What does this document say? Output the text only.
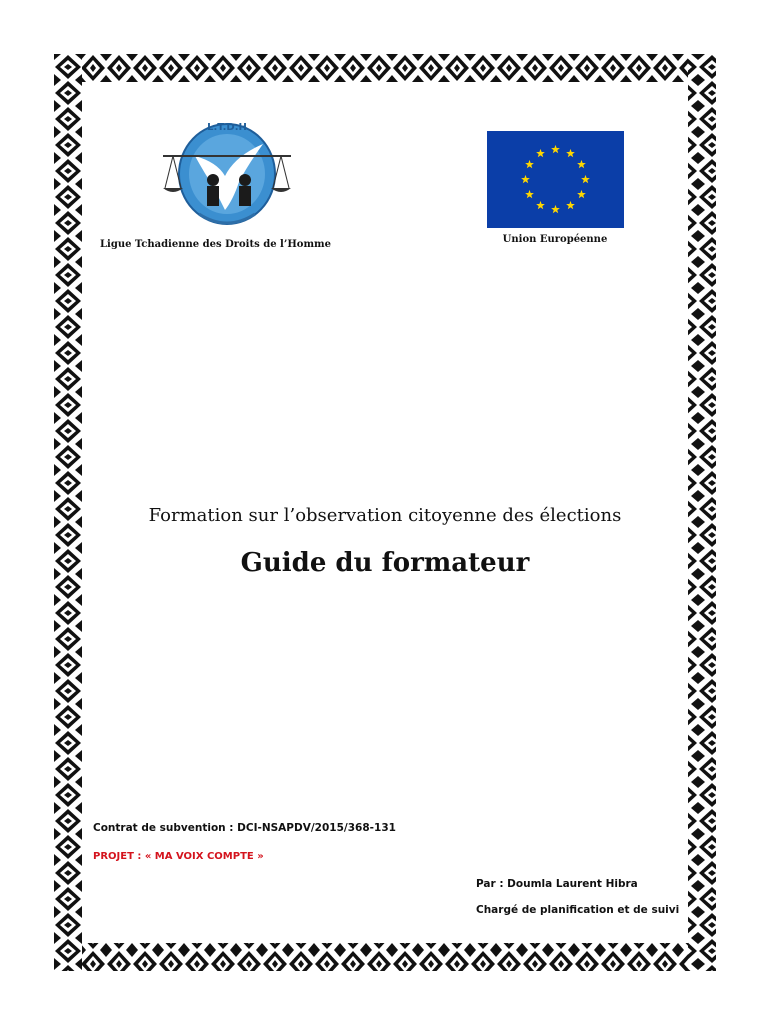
L.T.D.H
Ligue Tchadienne des Droits de l’Homme	Union Européenne
Formation sur l’observation citoyenne des élections
Guide du formateur
Contrat de subvention : DCI-NSAPDV/2015/368-131
PROJET : « MA VOIX COMPTE »
Par : Doumla Laurent Hibra
Chargé de planification et de suivi
